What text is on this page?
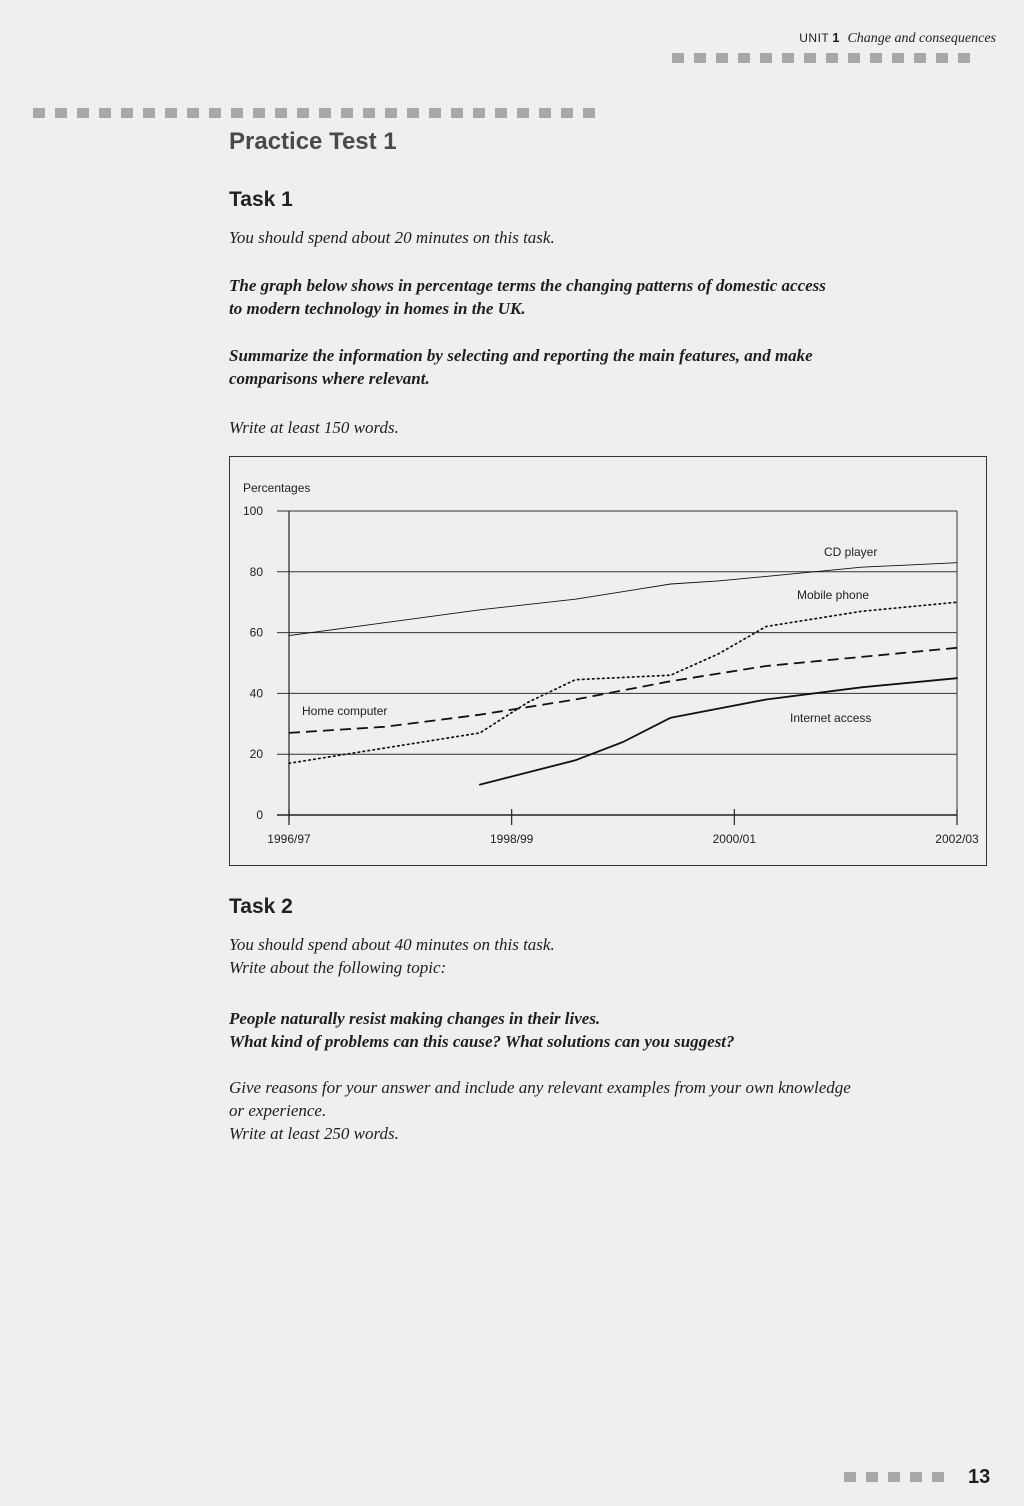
UNIT 1 Change and consequences
Practice Test 1
Task 1

You should spend about 20 minutes on this task.

The graph below shows in percentage terms the changing patterns of domestic access
to modern technology in homes in the UK.

Summarize the information by selecting and reporting the main features, and make
comparisons where relevant.

Write at least 150 words.

Task 2

You should spend about 40 minutes on this task.
Write about the following topic:

People naturally resist making changes in their lives.
What kind of problems can this cause? What solutions can you suggest?

Give reasons for your answer and include any relevant examples from your own knowledge
or experience.
Write at least 250 words.

Percentages
0
20
40
60
80
100
1996/97	1998/99	2000/01	2002/03
CD player
Mobile phone
Home computer	Internet access
13
